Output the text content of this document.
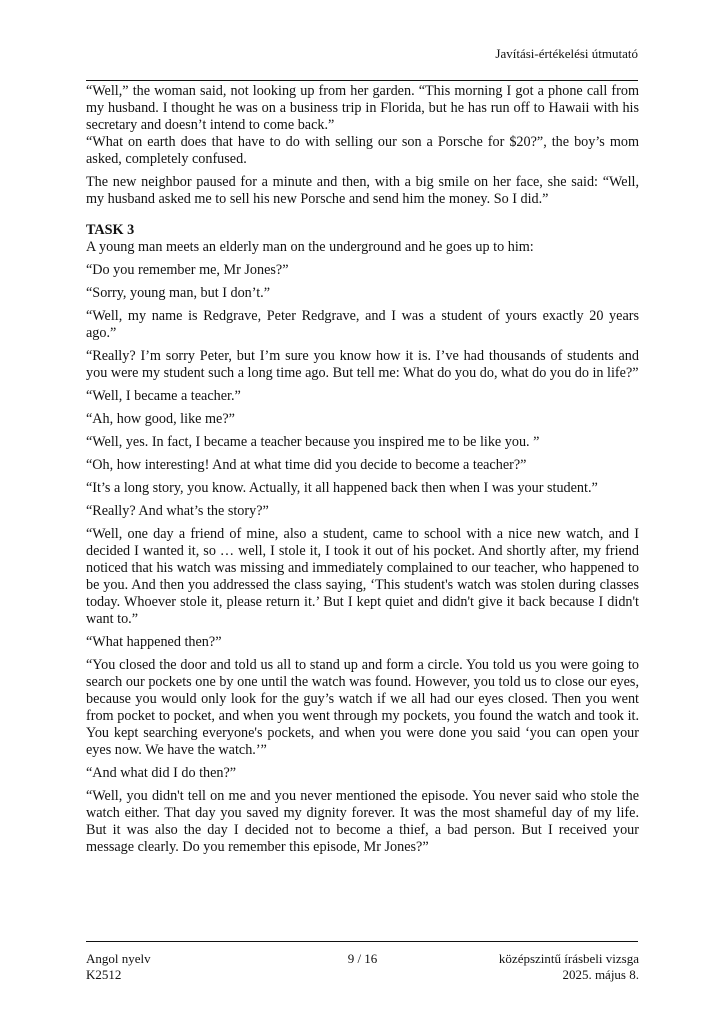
Javítási-értékelési útmutató

“Well,” the woman said, not looking up from her garden. “This morning I got a phone call from my husband. I thought he was on a business trip in Florida, but he has run off to Hawaii with his secretary and doesn’t intend to come back.”

“What on earth does that have to do with selling our son a Porsche for $20?”, the boy’s mom asked, completely confused.

The new neighbor paused for a minute and then, with a big smile on her face, she said: “Well, my husband asked me to sell his new Porsche and send him the money. So I did.”

TASK 3

A young man meets an elderly man on the underground and he goes up to him:

“Do you remember me, Mr Jones?”

“Sorry, young man, but I don’t.”

“Well, my name is Redgrave, Peter Redgrave, and I was a student of yours exactly 20 years ago.”

“Really? I’m sorry Peter, but I’m sure you know how it is. I’ve had thousands of students and you were my student such a long time ago. But tell me: What do you do, what do you do in life?”

“Well, I became a teacher.”

“Ah, how good, like me?”

“Well, yes. In fact, I became a teacher because you inspired me to be like you. ”

“Oh, how interesting! And at what time did you decide to become a teacher?”

“It’s a long story, you know. Actually, it all happened back then when I was your student.”

“Really? And what’s the story?”

“Well, one day a friend of mine, also a student, came to school with a nice new watch, and I decided I wanted it, so … well, I stole it, I took it out of his pocket. And shortly after, my friend noticed that his watch was missing and immediately complained to our teacher, who happened to be you. And then you addressed the class saying, ‘This student's watch was stolen during classes today. Whoever stole it, please return it.’ But I kept quiet and didn't give it back because I didn't want to.”

“What happened then?”

“You closed the door and told us all to stand up and form a circle. You told us you were going to search our pockets one by one until the watch was found. However, you told us to close our eyes, because you would only look for the guy’s watch if we all had our eyes closed. Then you went from pocket to pocket, and when you went through my pockets, you found the watch and took it. You kept searching everyone's pockets, and when you were done you said ‘you can open your eyes now. We have the watch.’”

“And what did I do then?”

“Well, you didn't tell on me and you never mentioned the episode. You never said who stole the watch either. That day you saved my dignity forever. It was the most shameful day of my life. But it was also the day I decided not to become a thief, a bad person. But I received your message clearly. Do you remember this episode, Mr Jones?”

Angol nyelv	9 / 16	középszintű írásbeli vizsga
K2512	2025. május 8.
